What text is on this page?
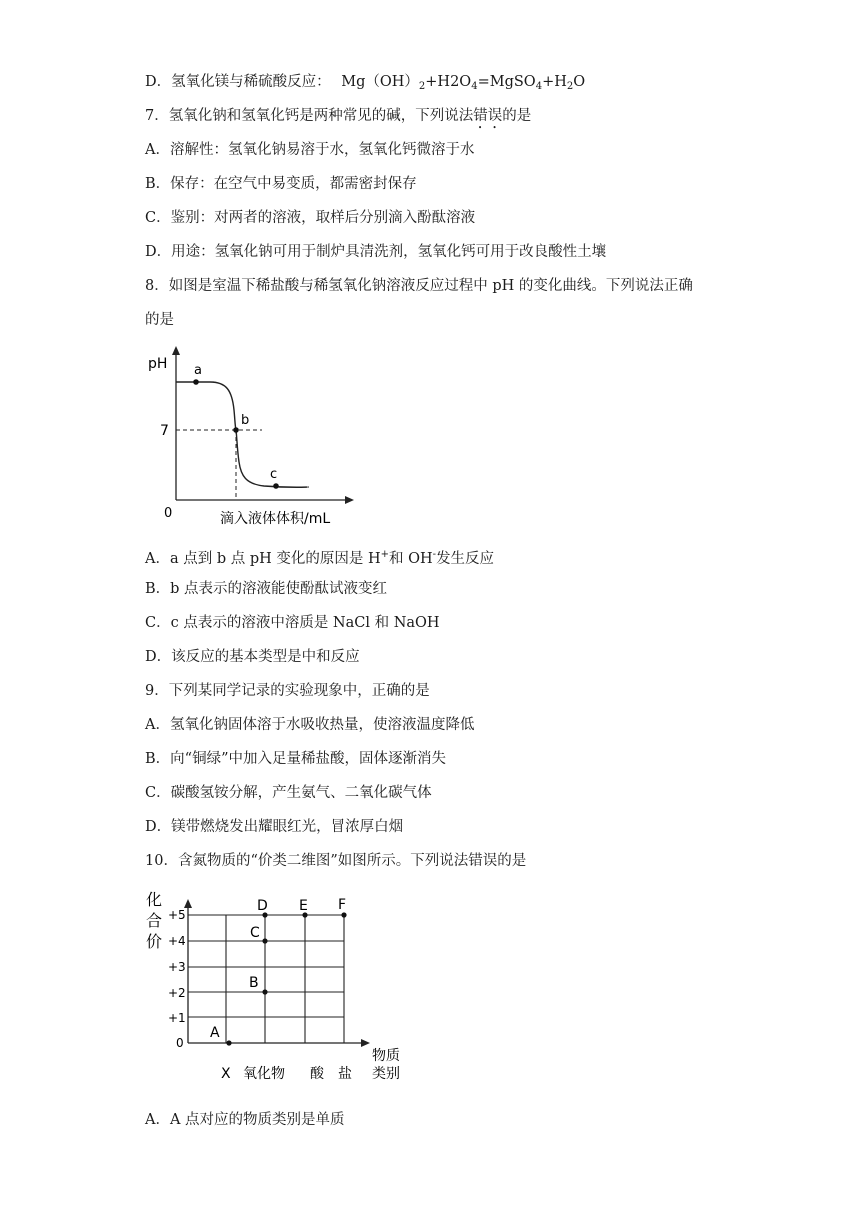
D．氢氧化镁与稀硫酸反应： $Mg(OH)_2+H2O_4=MgSO_4+H_2O$
7．氢氧化钠和氢氧化钙是两种常见的碱，下列说法错误的是
A．溶解性：氢氧化钠易溶于水，氢氧化钙微溶于水
B．保存：在空气中易变质，都需密封保存
C．鉴别：对两者的溶液，取样后分别滴入酚酞溶液
D．用途：氢氧化钠可用于制炉具清洗剂，氢氧化钙可用于改良酸性土壤
8．如图是室温下稀盐酸与稀氢氧化钠溶液反应过程中 pH 的变化曲线。下列说法正确
的是
pH
7
0	滴入液体体积/mL
a
b
c
A．a 点到 b 点 pH 变化的原因是 H+和 OH-发生反应
B．b 点表示的溶液能使酚酞试液变红
C．c 点表示的溶液中溶质是 NaCl 和 NaOH
D．该反应的基本类型是中和反应
9．下列某同学记录的实验现象中，正确的是
A．氢氧化钠固体溶于水吸收热量，使溶液温度降低
B．向“铜绿”中加入足量稀盐酸，固体逐渐消失
C．碳酸氢铵分解，产生氨气、二氧化碳气体
D．镁带燃烧发出耀眼红光，冒浓厚白烟
10．含氮物质的“价类二维图”如图所示。下列说法错误的是
A
B
C
D E F
化
合
价
+5
+4
+3
+2
+1
0
X 氧化物 酸 盐
物质
类别
A．A 点对应的物质类别是单质
